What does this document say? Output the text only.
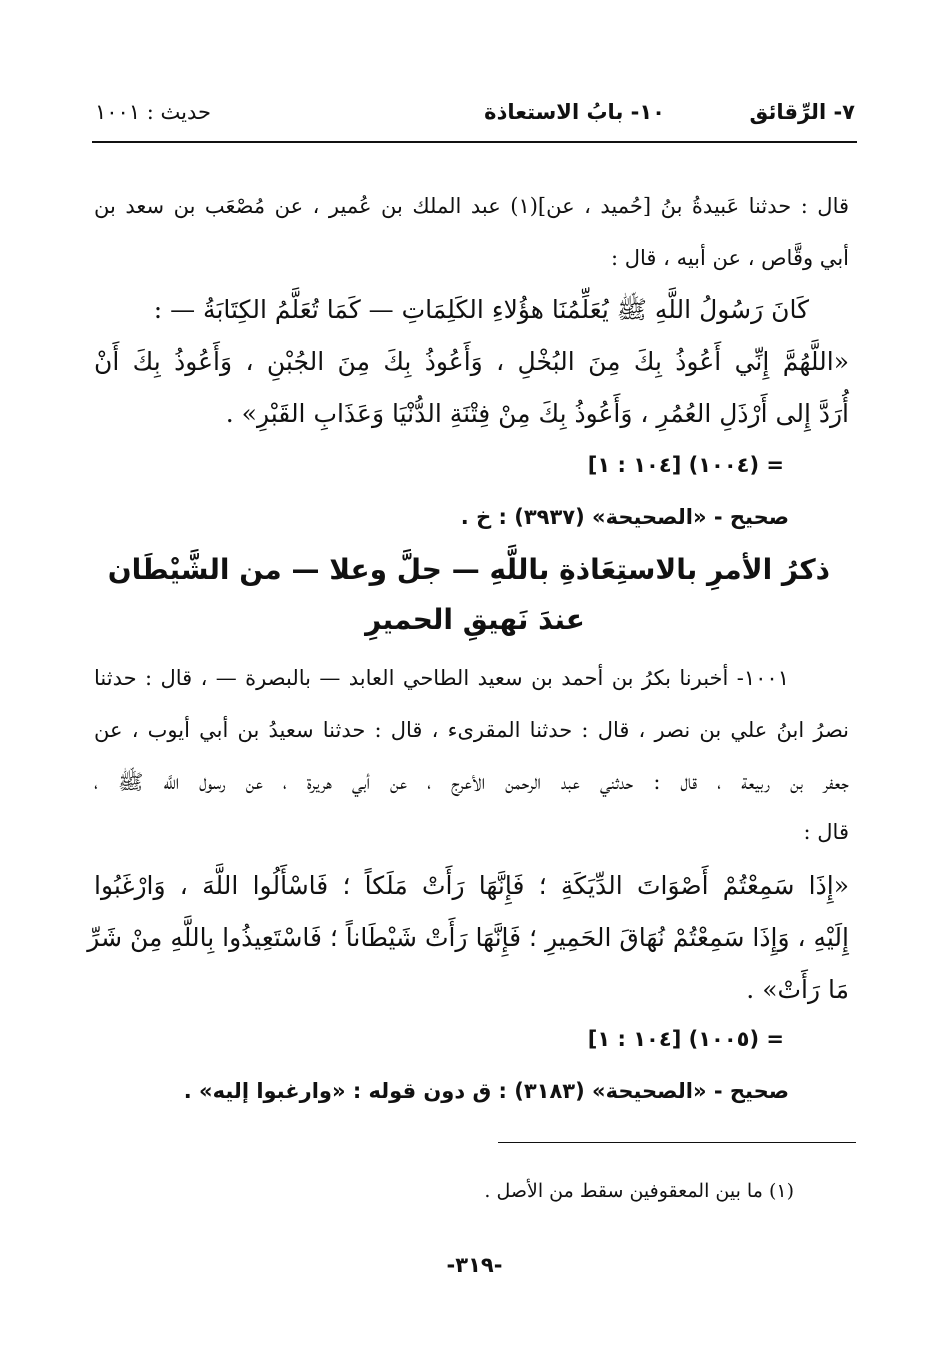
٧- الرِّقائق
١٠- بابُ الاستعاذة
حديث : ١٠٠١
قال : حدثنا عَبيدةُ بنُ [حُميد ، عن](١) عبد الملك بن عُمير ، عن مُصْعَب بن سعد بن
أبي وقَّاص ، عن أبيه ، قال :
كَانَ رَسُولُ اللَّهِ ﷺ يُعَلِّمُنَا هؤُلاءِ الكَلِمَاتِ — كَمَا تُعَلَّمُ الكِتَابَةُ — :
«اللَّهُمَّ إِنِّي أَعُوذُ بِكَ مِنَ البُخْلِ ، وَأَعُوذُ بِكَ مِنَ الجُبْنِ ، وَأَعُوذُ بِكَ أَنْ
أُرَدَّ إِلى أَرْذَلِ العُمُرِ ، وَأَعُوذُ بِكَ مِنْ فِتْنَةِ الدُّنْيَا وَعَذَابِ القَبْرِ» .
= (١٠٠٤) [١٠٤ : ١]
صحيح - «الصحيحة» (٣٩٣٧) : خ .
ذكرُ الأمرِ بالاستِعَاذةِ باللَّهِ — جلَّ وعلا — من الشَّيْطَان
عندَ نَهيقِ الحميرِ
١٠٠١- أخبرنا بكرُ بن أحمد بن سعيد الطاحي العابد — بالبصرة — ، قال : حدثنا
نصرُ ابنُ علي بن نصر ، قال : حدثنا المقرىء ، قال : حدثنا سعيدُ بن أبي أيوب ، عن
جعفر بن ربيعة ، قال : حدثني عبد الرحمن الأعرج ، عن أبي هريرة ، عن رسول اللَّه ﷺ ،
قال :
«إِذَا سَمِعْتُمْ أَصْوَاتَ الدِّيَكَةِ ؛ فَإِنَّهَا رَأَتْ مَلَكاً ؛ فَاسْأَلُوا اللَّهَ ، وَارْغَبُوا
إِلَيْهِ ، وَإِذَا سَمِعْتُمْ نُهَاقَ الحَمِيرِ ؛ فَإِنَّهَا رَأَتْ شَيْطَاناً ؛ فَاسْتَعِيذُوا بِاللَّهِ مِنْ شَرِّ
مَا رَأَتْ» .
= (١٠٠٥) [١٠٤ : ١]
صحيح - «الصحيحة» (٣١٨٣) : ق دون قوله : «وارغبوا إليه» .
(١) ما بين المعقوفين سقط من الأصل .
-٣١٩-
